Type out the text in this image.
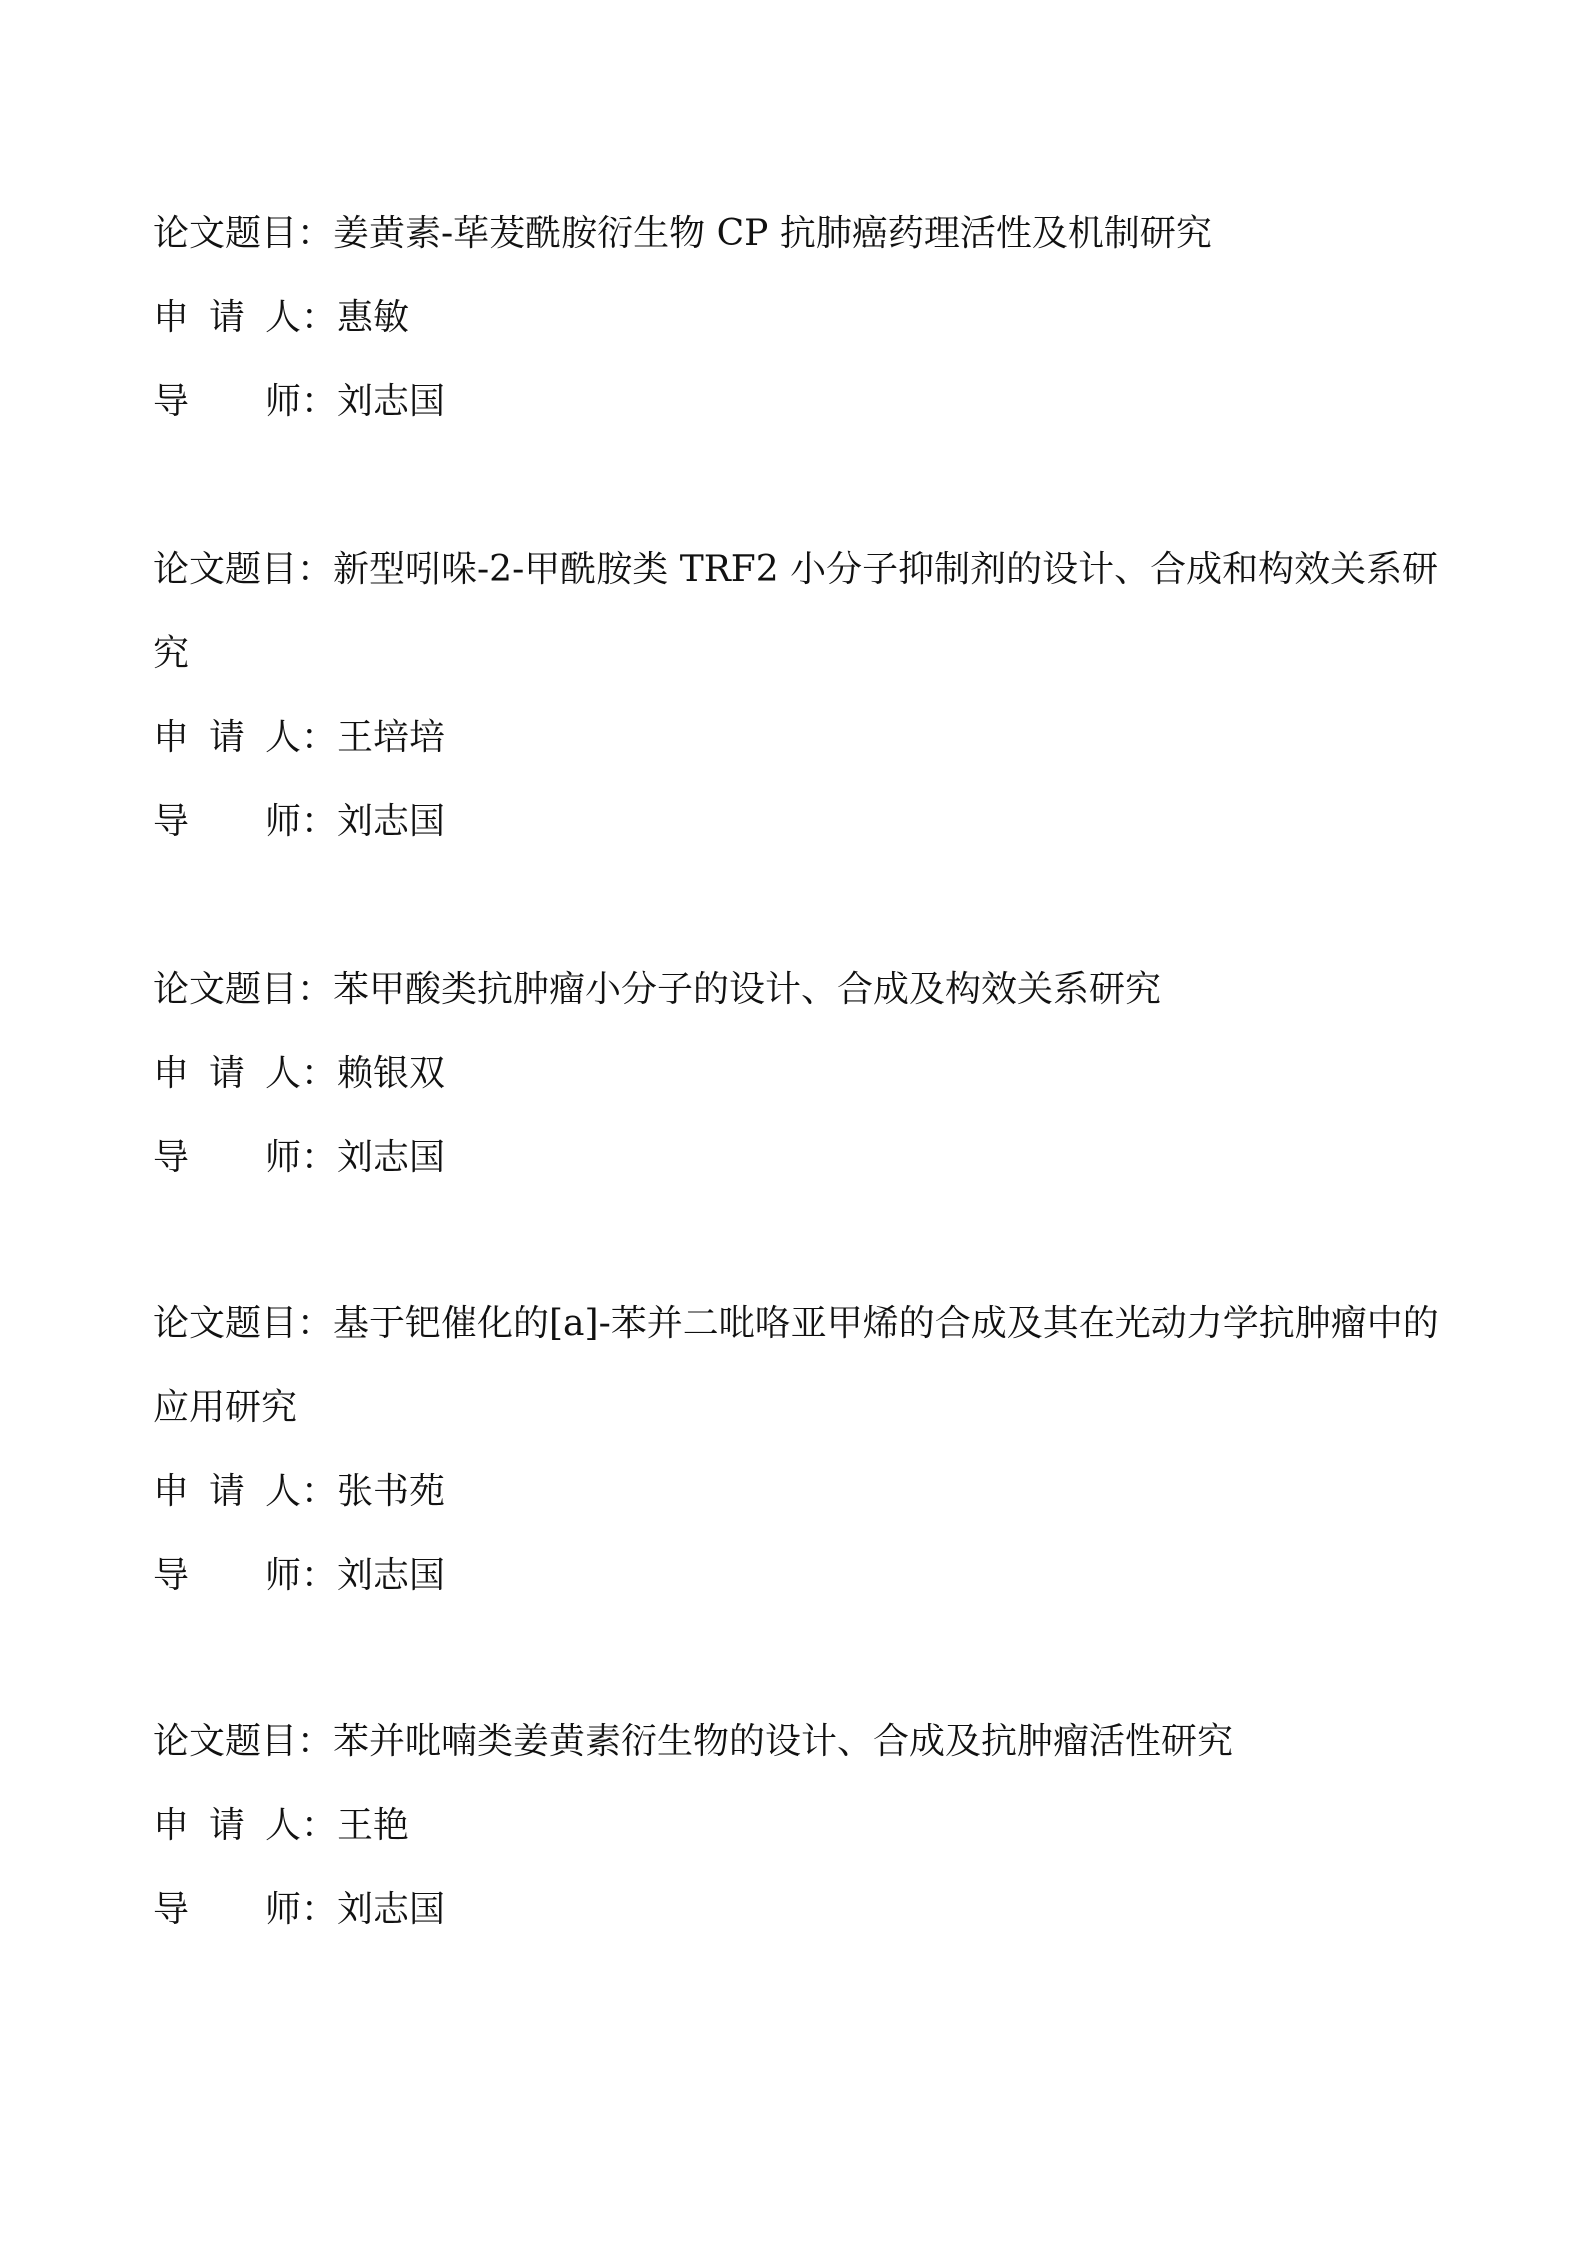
论文题目：姜黄素-荜茇酰胺衍生物 CP 抗肺癌药理活性及机制研究
申 请 人：惠敏
导 师：刘志国
论文题目：新型吲哚-2-甲酰胺类 TRF2 小分子抑制剂的设计、合成和构效关系研究
申 请 人：王培培
导 师：刘志国
论文题目：苯甲酸类抗肿瘤小分子的设计、合成及构效关系研究
申 请 人：赖银双
导 师：刘志国
论文题目：基于钯催化的[a]-苯并二吡咯亚甲烯的合成及其在光动力学抗肿瘤中的应用研究
申 请 人：张书苑
导 师：刘志国
论文题目：苯并吡喃类姜黄素衍生物的设计、合成及抗肿瘤活性研究
申 请 人：王艳
导 师：刘志国
